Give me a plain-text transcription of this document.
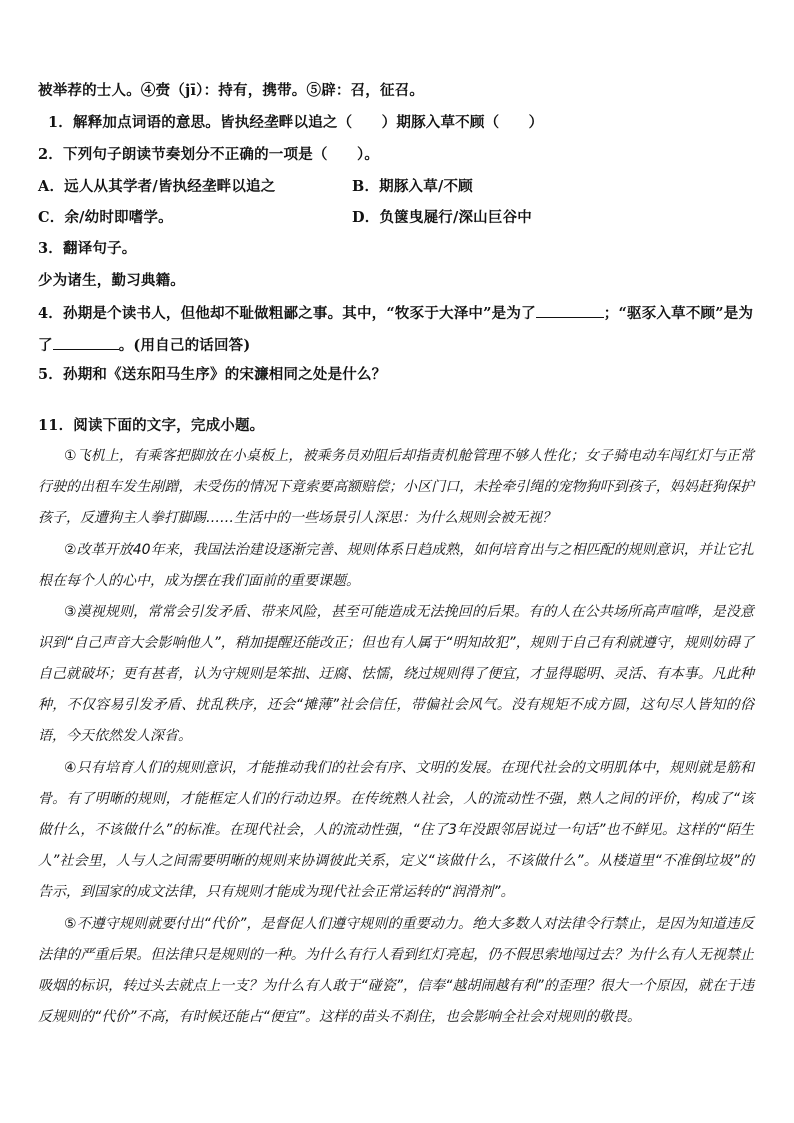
被举荐的士人。④赍（jī）：持有，携带。⑤辟：召，征召。
1．解释加点词语的意思。皆执经垄畔以追之（　　）期豚入草不顾（　　）
2．下列句子朗读节奏划分不正确的一项是（　　）。
A．远人从其学者/皆执经垄畔以追之	B．期豚入草/不顾
C．余/幼时即嗜学。	D．负箧曳屣行/深山巨谷中
3．翻译句子。
少为诸生，勤习典籍。
4．孙期是个读书人，但他却不耻做粗鄙之事。其中，“牧豕于大泽中”是为了	；“驱豕入草不顾”是为
了	。(用自己的话回答)
5．孙期和《送东阳马生序》的宋濂相同之处是什么？
11．阅读下面的文字，完成小题。
①飞机上，有乘客把脚放在小桌板上，被乘务员劝阻后却指责机舱管理不够人性化；女子骑电动车闯红灯与正常行驶的出租车发生剐蹭，未受伤的情况下竟索要高额赔偿；小区门口，未拴牵引绳的宠物狗吓到孩子，妈妈赶狗保护孩子，反遭狗主人拳打脚踢……生活中的一些场景引人深思：为什么规则会被无视？
②改革开放40年来，我国法治建设逐渐完善、规则体系日趋成熟，如何培育出与之相匹配的规则意识，并让它扎根在每个人的心中，成为摆在我们面前的重要课题。
③漠视规则，常常会引发矛盾、带来风险，甚至可能造成无法挽回的后果。有的人在公共场所高声喧哗，是没意识到“自己声音大会影响他人”，稍加提醒还能改正；但也有人属于“明知故犯”，规则于自己有利就遵守，规则妨碍了自己就破坏；更有甚者，认为守规则是笨拙、迂腐、怯懦，绕过规则得了便宜，才显得聪明、灵活、有本事。凡此种种，不仅容易引发矛盾、扰乱秩序，还会“摊薄”社会信任，带偏社会风气。没有规矩不成方圆，这句尽人皆知的俗语，今天依然发人深省。
④只有培育人们的规则意识，才能推动我们的社会有序、文明的发展。在现代社会的文明肌体中，规则就是筋和骨。有了明晰的规则，才能框定人们的行动边界。在传统熟人社会，人的流动性不强，熟人之间的评价，构成了“该做什么，不该做什么”的标准。在现代社会，人的流动性强，“住了3年没跟邻居说过一句话”也不鲜见。这样的“陌生人”社会里，人与人之间需要明晰的规则来协调彼此关系，定义“该做什么，不该做什么”。从楼道里“不准倒垃圾”的告示，到国家的成文法律，只有规则才能成为现代社会正常运转的“润滑剂”。
⑤不遵守规则就要付出“代价”，是督促人们遵守规则的重要动力。绝大多数人对法律令行禁止，是因为知道违反法律的严重后果。但法律只是规则的一种。为什么有行人看到红灯亮起，仍不假思索地闯过去？为什么有人无视禁止吸烟的标识，转过头去就点上一支？为什么有人敢于“碰瓷”，信奉“越胡闹越有利”的歪理？很大一个原因，就在于违反规则的“代价”不高，有时候还能占“便宜”。这样的苗头不刹住，也会影响全社会对规则的敬畏。
